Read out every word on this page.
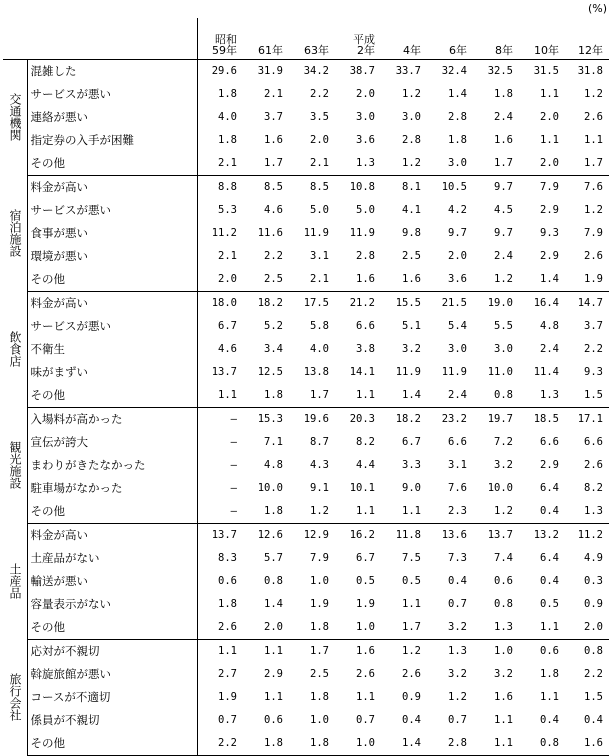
(%)
		昭和
59年	61年	63年	平成
2年	4年	6年	8年	10年	12年
交通機関	混雑した	29.6	31.9	34.2	38.7	33.7	32.4	32.5	31.5	31.8
	サービスが悪い	1.8	2.1	2.2	2.0	1.2	1.4	1.8	1.1	1.2
	連絡が悪い	4.0	3.7	3.5	3.0	3.0	2.8	2.4	2.0	2.6
	指定券の入手が困難	1.8	1.6	2.0	3.6	2.8	1.8	1.6	1.1	1.1
	その他	2.1	1.7	2.1	1.3	1.2	3.0	1.7	2.0	1.7
宿泊施設	料金が高い	8.8	8.5	8.5	10.8	8.1	10.5	9.7	7.9	7.6
	サービスが悪い	5.3	4.6	5.0	5.0	4.1	4.2	4.5	2.9	1.2
	食事が悪い	11.2	11.6	11.9	11.9	9.8	9.7	9.7	9.3	7.9
	環境が悪い	2.1	2.2	3.1	2.8	2.5	2.0	2.4	2.9	2.6
	その他	2.0	2.5	2.1	1.6	1.6	3.6	1.2	1.4	1.9
飲食店	料金が高い	18.0	18.2	17.5	21.2	15.5	21.5	19.0	16.4	14.7
	サービスが悪い	6.7	5.2	5.8	6.6	5.1	5.4	5.5	4.8	3.7
	不衛生	4.6	3.4	4.0	3.8	3.2	3.0	3.0	2.4	2.2
	味がまずい	13.7	12.5	13.8	14.1	11.9	11.9	11.0	11.4	9.3
	その他	1.1	1.8	1.7	1.1	1.4	2.4	0.8	1.3	1.5
観光施設	入場料が高かった	—	15.3	19.6	20.3	18.2	23.2	19.7	18.5	17.1
	宣伝が誇大	—	7.1	8.7	8.2	6.7	6.6	7.2	6.6	6.6
	まわりがきたなかった	—	4.8	4.3	4.4	3.3	3.1	3.2	2.9	2.6
	駐車場がなかった	—	10.0	9.1	10.1	9.0	7.6	10.0	6.4	8.2
	その他	—	1.8	1.2	1.1	1.1	2.3	1.2	0.4	1.3
土産品	料金が高い	13.7	12.6	12.9	16.2	11.8	13.6	13.7	13.2	11.2
	土産品がない	8.3	5.7	7.9	6.7	7.5	7.3	7.4	6.4	4.9
	輸送が悪い	0.6	0.8	1.0	0.5	0.5	0.4	0.6	0.4	0.3
	容量表示がない	1.8	1.4	1.9	1.9	1.1	0.7	0.8	0.5	0.9
	その他	2.6	2.0	1.8	1.0	1.7	3.2	1.3	1.1	2.0
旅行会社	応対が不親切	1.1	1.1	1.7	1.6	1.2	1.3	1.0	0.6	0.8
	斡旋旅館が悪い	2.7	2.9	2.5	2.6	2.6	3.2	3.2	1.8	2.2
	コースが不適切	1.9	1.1	1.8	1.1	0.9	1.2	1.6	1.1	1.5
	係員が不親切	0.7	0.6	1.0	0.7	0.4	0.7	1.1	0.4	0.4
	その他	2.2	1.8	1.8	1.0	1.4	2.8	1.1	0.8	1.6
